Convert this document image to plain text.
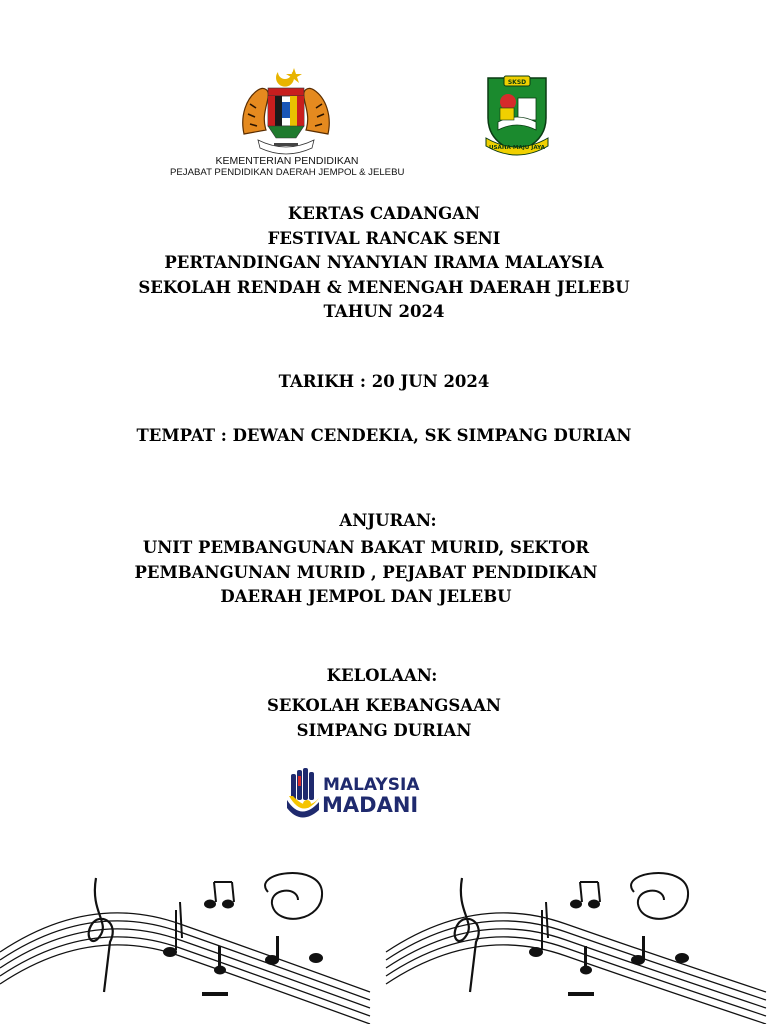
KEMENTERIAN PENDIDIKAN
PEJABAT PENDIDIKAN DAERAH JEMPOL & JELEBU
SKSD
USAHA MAJU JAYA
KERTAS CADANGAN
FESTIVAL RANCAK SENI
PERTANDINGAN NYANYIAN IRAMA MALAYSIA
SEKOLAH RENDAH & MENENGAH DAERAH JELEBU
TAHUN 2024
TARIKH : 20 JUN 2024
TEMPAT : DEWAN CENDEKIA, SK SIMPANG DURIAN
ANJURAN:
UNIT PEMBANGUNAN BAKAT MURID, SEKTOR
PEMBANGUNAN MURID , PEJABAT PENDIDIKAN
DAERAH JEMPOL DAN JELEBU
KELOLAAN:
SEKOLAH KEBANGSAAN
SIMPANG DURIAN
MALAYSIA
MADANI
